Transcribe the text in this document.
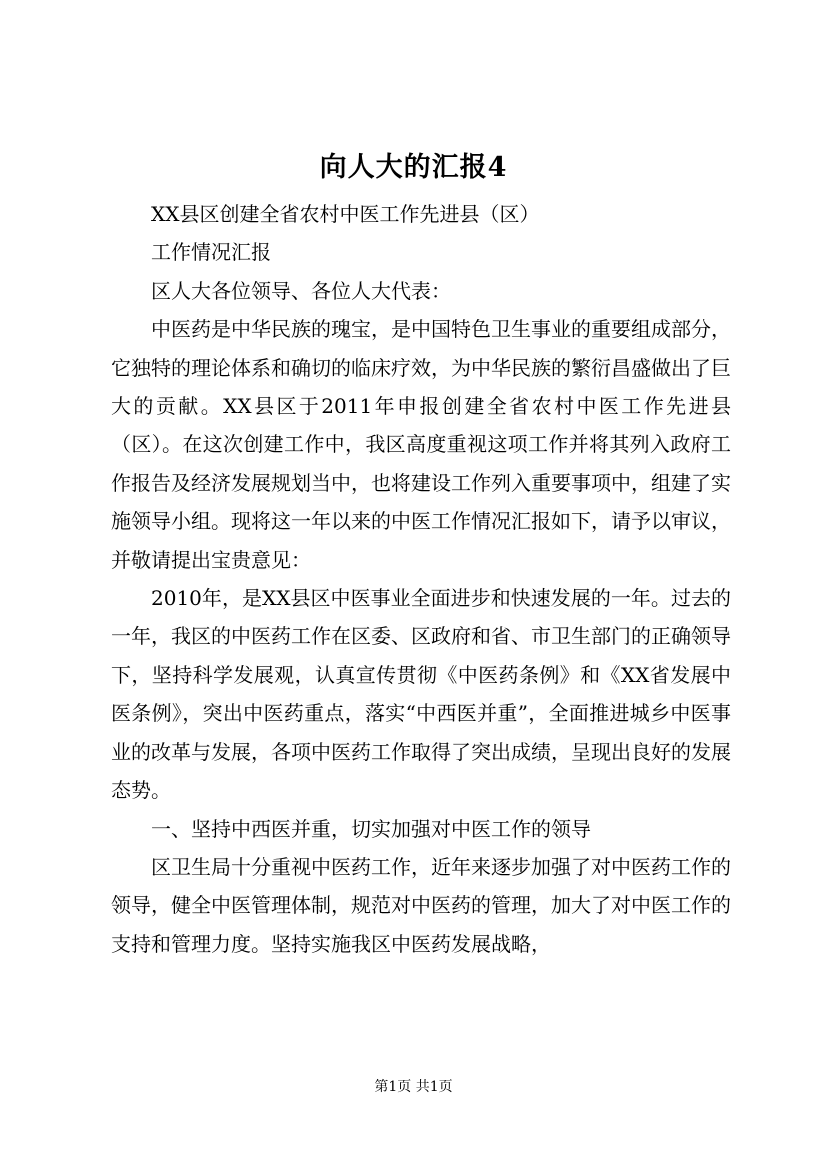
向人大的汇报4

XX县区创建全省农村中医工作先进县（区）

工作情况汇报

区人大各位领导、各位人大代表：

中医药是中华民族的瑰宝，是中国特色卫生事业的重要组成部分，它独特的理论体系和确切的临床疗效，为中华民族的繁衍昌盛做出了巨大的贡献。XX县区于2011年申报创建全省农村中医工作先进县（区）。在这次创建工作中，我区高度重视这项工作并将其列入政府工作报告及经济发展规划当中，也将建设工作列入重要事项中，组建了实施领导小组。现将这一年以来的中医工作情况汇报如下，请予以审议，并敬请提出宝贵意见：

2010年，是XX县区中医事业全面进步和快速发展的一年。过去的一年，我区的中医药工作在区委、区政府和省、市卫生部门的正确领导下，坚持科学发展观，认真宣传贯彻《中医药条例》和《XX省发展中医条例》，突出中医药重点，落实“中西医并重”，全面推进城乡中医事业的改革与发展，各项中医药工作取得了突出成绩，呈现出良好的发展态势。

一、坚持中西医并重，切实加强对中医工作的领导

区卫生局十分重视中医药工作，近年来逐步加强了对中医药工作的领导，健全中医管理体制，规范对中医药的管理，加大了对中医工作的支持和管理力度。坚持实施我区中医药发展战略，

第1页 共1页
